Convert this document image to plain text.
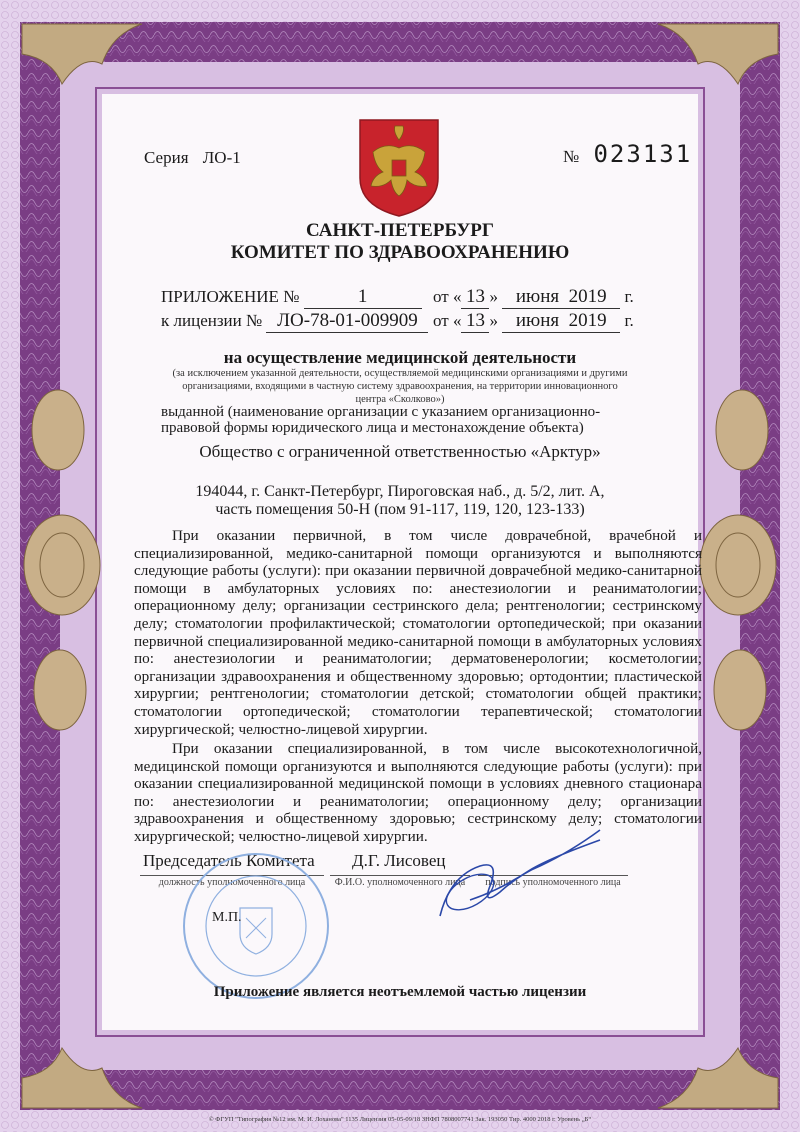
Серия ЛО-1	№ 023131
САНКТ-ПЕТЕРБУРГ
КОМИТЕТ ПО ЗДРАВООХРАНЕНИЮ
ПРИЛОЖЕНИЕ №	1	от « 13 » июня 2019 г.
к лицензии № ЛО-78-01-009909 от « 13 » июня 2019 г.
на осуществление медицинской деятельности
(за исключением указанной деятельности, осуществляемой медицинскими организациями и другими организациями, входящими в частную систему здравоохранения, на территории инновационного центра «Сколково»)
выданной (наименование организации с указанием организационно-правовой формы юридического лица и местонахождение объекта)
Общество с ограниченной ответственностью «Арктур»
194044, г. Санкт-Петербург, Пироговская наб., д. 5/2, лит. А,
часть помещения 50-Н (пом 91-117, 119, 120, 123-133)
При оказании первичной, в том числе доврачебной, врачебной и специализированной, медико-санитарной помощи организуются и выполняются следующие работы (услуги): при оказании первичной доврачебной медико-санитарной помощи в амбулаторных условиях по: анестезиологии и реаниматологии; операционному делу; организации сестринского дела; рентгенологии; сестринскому делу; стоматологии профилактической; стоматологии ортопедической; при оказании первичной специализированной медико-санитарной помощи в амбулаторных условиях по: анестезиологии и реаниматологии; дерматовенерологии; косметологии; организации здравоохранения и общественному здоровью; ортодонтии; пластической хирургии; рентгенологии; стоматологии детской; стоматологии общей практики; стоматологии ортопедической; стоматологии терапевтической; стоматологии хирургической; челюстно-лицевой хирургии.
При оказании специализированной, в том числе высокотехнологичной, медицинской помощи организуются и выполняются следующие работы (услуги): при оказании специализированной медицинской помощи в условиях дневного стационара по: анестезиологии и реаниматологии; операционному делу; организации здравоохранения и общественному здоровью; сестринскому делу; стоматологии хирургической; челюстно-лицевой хирургии.
Председатель Комитета Д.Г. Лисовец
должность уполномоченного лица	Ф.И.О. уполномоченного лица	подпись уполномоченного лица
М.П.
Приложение является неотъемлемой частью лицензии
© ФГУП "Типография №12 им. М. И. Лоханова" 1135 Лицензия 05-05-09/18 ЗНФП 7808007741 Зак. 193050 Тир. 4000 2018 г. Уровень „Б“
